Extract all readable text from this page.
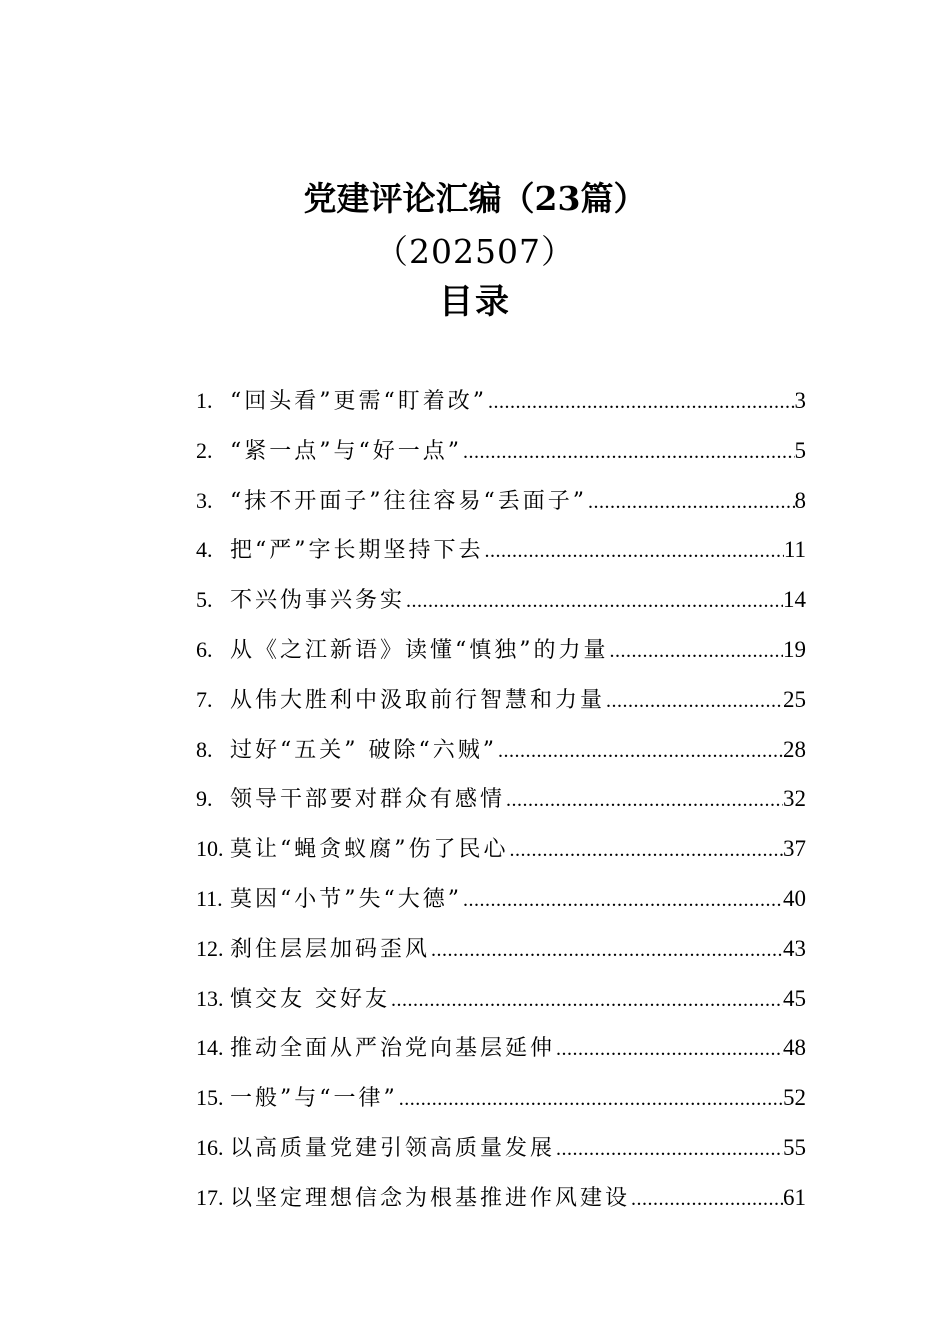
党建评论汇编（23篇）
（202507）
目录
1. “回头看”更需“盯着改” .....	3
2. “紧一点”与“好一点” .....	5
3. “抹不开面子”往往容易“丢面子” .....	8
4. 把“严”字长期坚持下去 .....	11
5. 不兴伪事兴务实 .....	14
6. 从《之江新语》读懂“慎独”的力量 .....	19
7. 从伟大胜利中汲取前行智慧和力量 .....	25
8. 过好“五关” 破除“六贼” .....	28
9. 领导干部要对群众有感情 .....	32
10. 莫让“蝇贪蚁腐”伤了民心 .....	37
11. 莫因“小节”失“大德” .....	40
12. 刹住层层加码歪风 .....	43
13. 慎交友 交好友 .....	45
14. 推动全面从严治党向基层延伸 .....	48
15. 一般”与“一律” .....	52
16. 以高质量党建引领高质量发展 .....	55
17. 以坚定理想信念为根基推进作风建设 .....	61
